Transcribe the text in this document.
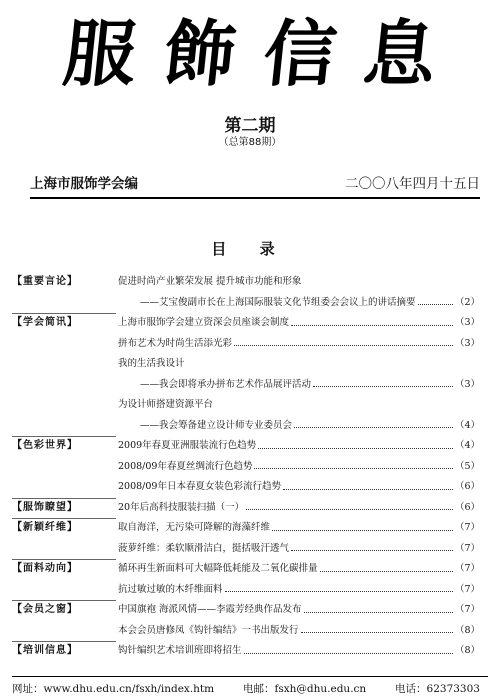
服飾信息
第二期
（总第88期）
上海市服饰学会编	二〇〇八年四月十五日
目 录
【重要言论】	促进时尚产业繁荣发展 提升城市功能和形象
——艾宝俊副市长在上海国际服装文化节组委会会议上的讲话摘要	（2）
【学会简讯】	上海市服饰学会建立资深会员座谈会制度	（3）
拼布艺术为时尚生活添光彩	（3）
我的生活我设计
——我会即将承办拼布艺术作品展评活动	（3）
为设计师搭建资源平台
——我会筹备建立设计师专业委员会	（4）
【色彩世界】	2009年春夏亚洲服装流行色趋势	（4）
2008/09年春夏丝绸流行色趋势	（5）
2008/09年日本春夏女装色彩流行趋势	（6）
【服饰瞭望】	20年后高科技服装扫描（一）	（6）
【新颖纤维】	取自海洋，无污染可降解的海藻纤维	（7）
菠萝纤维：柔软顺滑洁白，挺括吸汗透气	（7）
【面料动向】	循环再生新面料可大幅降低耗能及二氧化碳排量	（7）
抗过敏过敏的木纤维面料	（7）
【会员之窗】	中国旗袍 海派风情——李霞芳经典作品发布	（7）
本会会员唐修凤《钩针编结》一书出版发行	（8）
【培训信息】	钩针编织艺术培训班即将招生	（8）
网址：www.dhu.edu.cn/fsxh/index.htm	电邮：fsxh@dhu.edu.cn	电话：62373303
